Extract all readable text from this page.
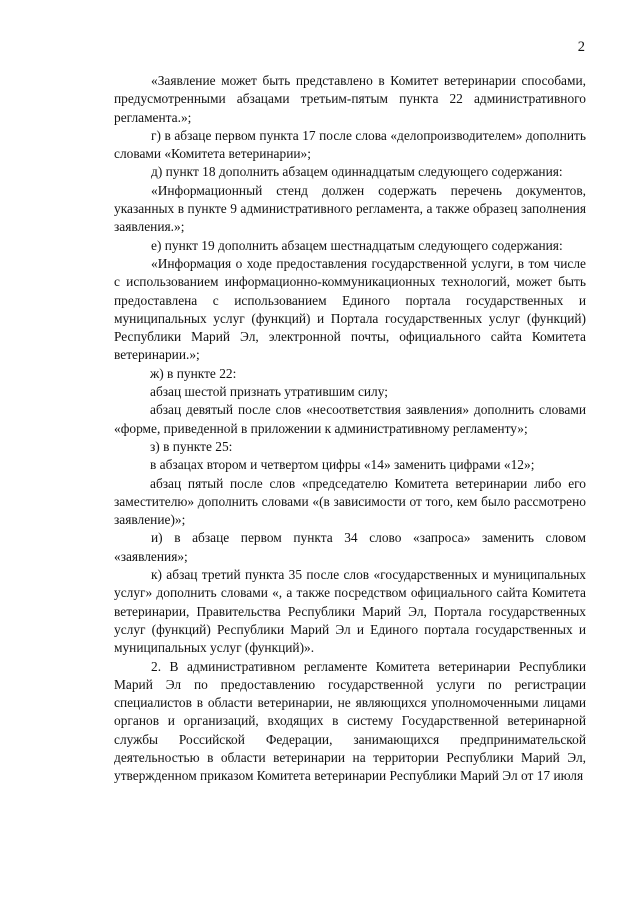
2

«Заявление может быть представлено в Комитет ветеринарии способами, предусмотренными абзацами третьим-пятым пункта 22 административного регламента.»;

г) в абзаце первом пункта 17 после слова «делопроизводителем» дополнить словами «Комитета ветеринарии»;

д) пункт 18 дополнить абзацем одиннадцатым следующего содержания:

«Информационный стенд должен содержать перечень документов, указанных в пункте 9 административного регламента, а также образец заполнения заявления.»;

е) пункт 19 дополнить абзацем шестнадцатым следующего содержания:

«Информация о ходе предоставления государственной услуги, в том числе с использованием информационно-коммуникационных технологий, может быть предоставлена с использованием Единого портала государственных и муниципальных услуг (функций) и Портала государственных услуг (функций) Республики Марий Эл, электронной почты, официального сайта Комитета ветеринарии.»;

ж) в пункте 22:

абзац шестой признать утратившим силу;

абзац девятый после слов «несоответствия заявления» дополнить словами «форме, приведенной в приложении к административному регламенту»;

з) в пункте 25:

в абзацах втором и четвертом цифры «14» заменить цифрами «12»;

абзац пятый после слов «председателю Комитета ветеринарии либо его заместителю» дополнить словами «(в зависимости от того, кем было рассмотрено заявление)»;

и) в абзаце первом пункта 34 слово «запроса» заменить словом «заявления»;

к) абзац третий пункта 35 после слов «государственных и муниципальных услуг» дополнить словами «, а также посредством официального сайта Комитета ветеринарии, Правительства Республики Марий Эл, Портала государственных услуг (функций) Республики Марий Эл и Единого портала государственных и муниципальных услуг (функций)».

2. В административном регламенте Комитета ветеринарии Республики Марий Эл по предоставлению государственной услуги по регистрации специалистов в области ветеринарии, не являющихся уполномоченными лицами органов и организаций, входящих в систему Государственной ветеринарной службы Российской Федерации, занимающихся предпринимательской деятельностью в области ветеринарии на территории Республики Марий Эл, утвержденном приказом Комитета ветеринарии Республики Марий Эл от 17 июля
